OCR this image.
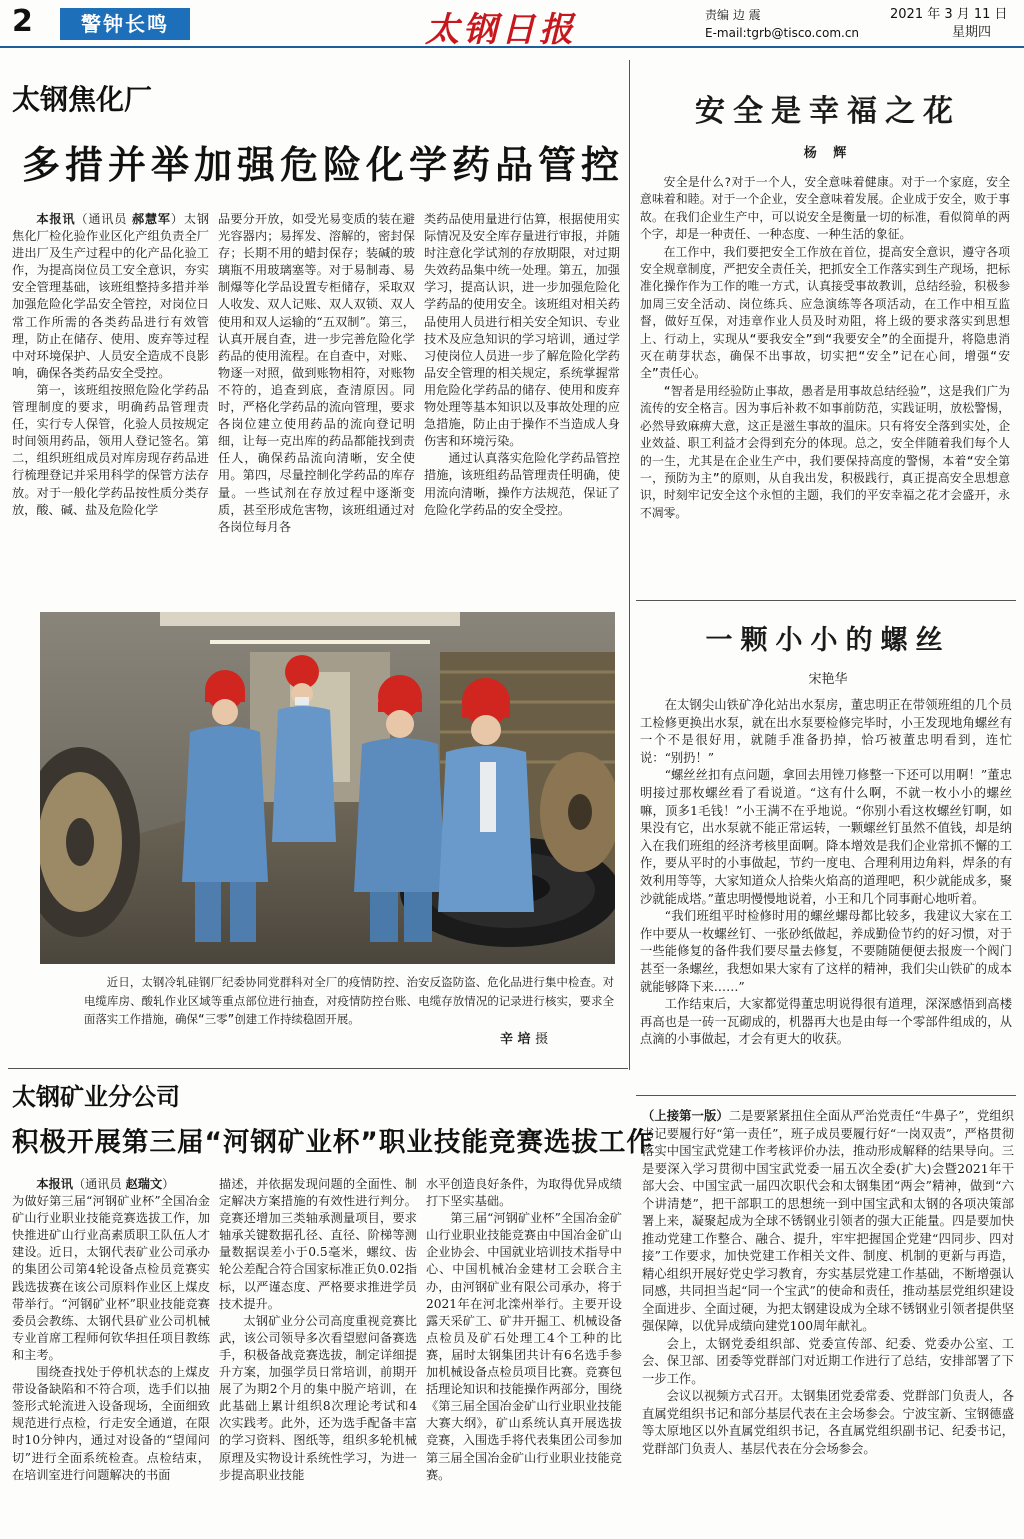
2	警钟长鸣	太钢日报	责编 边 震
E-mail:tgrb@tisco.com.cn
2021 年 3 月 11 日
星期四
太钢焦化厂
多措并举加强危险化学药品管控

本报讯（通讯员 郝慧军）太钢焦化厂检化验作业区化产组负责全厂进出厂及生产过程中的化产品化验工作，为提高岗位员工安全意识，夯实安全管理基础，该班组整持多措并举加强危险化学品安全管控，对岗位日常工作所需的各类药品进行有效管理，防止在储存、使用、废弃等过程中对环境保护、人员安全造成不良影响，确保各类药品安全受控。

第一，该班组按照危险化学药品管理制度的要求，明确药品管理责任，实行专人保管，化验人员按规定时间领用药品，领用人登记签名。第二，组织班组成员对库房现存药品进行梳理登记并采用科学的保管方法存放。对于一般化学药品按性质分类存放，酸、碱、盐及危险化学

品要分开放，如受光易变质的装在避光容器内；易挥发、溶解的，密封保存；长期不用的蜡封保存；装碱的玻璃瓶不用玻璃塞等。对于易制毒、易制爆等化学品设置专柜储存，采取双人收发、双人记账、双人双锁、双人使用和双人运输的“五双制”。第三，认真开展自查，进一步完善危险化学药品的使用流程。在自查中，对账、物逐一对照，做到账物相符，对账物不符的，追查到底，查清原因。同时，严格化学药品的流向管理，要求各岗位建立使用药品的流向登记明细，让每一克出库的药品都能找到责任人，确保药品流向清晰，安全使用。第四，尽量控制化学药品的库存量。一些试剂在存放过程中逐渐变质，甚至形成危害物，该班组通过对各岗位每月各

类药品使用量进行估算，根据使用实际情况及安全库存量进行审报，并随时注意化学试剂的存放期限，对过期失效药品集中统一处理。第五，加强学习，提高认识，进一步加强危险化学药品的使用安全。该班组对相关药品使用人员进行相关安全知识、专业技术及应急知识的学习培训，通过学习使岗位人员进一步了解危险化学药品安全管理的相关规定，系统掌握常用危险化学药品的储存、使用和废弃物处理等基本知识以及事故处理的应急措施，防止由于操作不当造成人身伤害和环境污染。

通过认真落实危险化学药品管控措施，该班组药品管理责任明确，使用流向清晰，操作方法规范，保证了危险化学药品的安全受控。

安全是幸福之花
杨 辉

安全是什么?对于一个人，安全意味着健康。对于一个家庭，安全意味着和睦。对于一个企业，安全意味着发展。企业成于安全，败于事故。在我们企业生产中，可以说安全是衡量一切的标准，看似简单的两个字，却是一种责任、一种态度、一种生活的象征。

在工作中，我们要把安全工作放在首位，提高安全意识，遵守各项安全规章制度，严把安全责任关，把抓安全工作落实到生产现场，把标准化操作作为工作的唯一方式，认真接受事故教训，总结经验，积极参加周三安全活动、岗位练兵、应急演练等各项活动，在工作中相互监督，做好互保，对违章作业人员及时劝阻，将上级的要求落实到思想上、行动上，实现从“要我安全”到“我要安全”的全面提升，将隐患消灭在萌芽状态，确保不出事故，切实把“安全”记在心间，增强“安全”责任心。

“智者是用经验防止事故，愚者是用事故总结经验”，这是我们广为流传的安全格言。因为事后补救不如事前防范，实践证明，放松警惕，必然导致麻痹大意，这正是滋生事故的温床。只有将安全落到实处，企业效益、职工利益才会得到充分的体现。总之，安全伴随着我们每个人的一生，尤其是在企业生产中，我们要保持高度的警惕，本着“安全第一，预防为主”的原则，从自我出发，积极践行，真正提高安全思想意识，时刻牢记安全这个永恒的主题，我们的平安幸福之花才会盛开，永不凋零。

一颗小小的螺丝
宋艳华

在太钢尖山铁矿净化站出水泵房，董忠明正在带领班组的几个员工检修更换出水泵，就在出水泵要检修完毕时，小王发现地角螺丝有一个不是很好用，就随手准备扔掉，恰巧被董忠明看到，连忙说：“别扔！”

“螺丝丝扣有点问题，拿回去用锉刀修整一下还可以用啊！”董忠明接过那枚螺丝看了看说道。“这有什么啊，不就一枚小小的螺丝嘛，顶多1毛钱！”小王满不在乎地说。“你别小看这枚螺丝钉啊，如果没有它，出水泵就不能正常运转，一颗螺丝钉虽然不值钱，却是纳入在我们班组的经济考核里面啊。降本增效是我们企业常抓不懈的工作，要从平时的小事做起，节约一度电、合理利用边角料，焊条的有效利用等等，大家知道众人拾柴火焰高的道理吧，积少就能成多，聚沙就能成塔。”董忠明慢慢地说着，小王和几个同事耐心地听着。

“我们班组平时检修时用的螺丝螺母都比较多，我建议大家在工作中要从一枚螺丝钉、一张砂纸做起，养成勤俭节约的好习惯，对于一些能修复的备件我们要尽量去修复，不要随随便便去报废一个阀门甚至一条螺丝，我想如果大家有了这样的精神，我们尖山铁矿的成本就能够降下来……”

工作结束后，大家都觉得董忠明说得很有道理，深深感悟到高楼再高也是一砖一瓦砌成的，机器再大也是由每一个零部件组成的，从点滴的小事做起，才会有更大的收获。

近日，太钢冷轧硅钢厂纪委协同党群科对全厂的疫情防控、治安反盗防盗、危化品进行集中检查。对电缆库房、酸轧作业区域等重点部位进行抽查，对疫情防控台账、电缆存放情况的记录进行核实，要求全面落实工作措施，确保“三零”创建工作持续稳固开展。
辛 培 摄
太钢矿业分公司
积极开展第三届“河钢矿业杯”职业技能竞赛选拔工作

本报讯（通讯员 赵瑞文）

为做好第三届“河钢矿业杯”全国冶金矿山行业职业技能竞赛选拔工作，加快推进矿山行业高素质职工队伍人才建设。近日，太钢代表矿业公司承办的集团公司第4轮设备点检员竞赛实践选拔赛在该公司原料作业区上煤皮带举行。“河钢矿业杯”职业技能竞赛委员会教练、太钢代县矿业公司机械专业首席工程师何钦华担任项目教练和主考。

围绕查找处于停机状态的上煤皮带设备缺陷和不符合项，选手们以抽签形式轮流进入设备现场，全面细致规范进行点检，行走安全通道，在限时10分钟内，通过对设备的“望闻问切”进行全面系统检查。点检结束，在培训室进行问题解决的书面

描述，并依据发现问题的全面性、制定解决方案措施的有效性进行判分。竞赛还增加三类轴承测量项目，要求轴承关键数据孔径、直径、阶梯等测量数据误差小于0.5毫米，螺纹、齿轮公差配合符合国家标准正负0.02指标，以严谨态度、严格要求推进学员技术提升。

太钢矿业分公司高度重视竞赛比武，该公司领导多次看望慰问备赛选手，积极备战竞赛选拔，制定详细提升方案，加强学员日常培训，前期开展了为期2个月的集中脱产培训，在此基础上累计组织8次理论考试和4次实践考。此外，还为选手配备丰富的学习资料、图纸等，组织多轮机械原理及实物设计系统性学习，为进一步提高职业技能

水平创造良好条件，为取得优异成绩打下坚实基础。

第三届“河钢矿业杯”全国冶金矿山行业职业技能竞赛由中国冶金矿山企业协会、中国就业培训技术指导中心、中国机械冶金建材工会联合主办，由河钢矿业有限公司承办，将于2021年在河北滦州举行。主要开设露天采矿工、矿井开掘工、机械设备点检员及矿石处理工4个工种的比赛，届时太钢集团共计有6名选手参加机械设备点检员项目比赛。竞赛包括理论知识和技能操作两部分，围绕《第三届全国冶金矿山行业职业技能大赛大纲》，矿山系统认真开展选拔竞赛，入围选手将代表集团公司参加第三届全国冶金矿山行业职业技能竞赛。

（上接第一版）二是要紧紧扭住全面从严治党责任“牛鼻子”，党组织书记要履行好“第一责任”，班子成员要履行好“一岗双责”，严格贯彻落实中国宝武党建工作考核评价办法，推动形成解释的结果导向。三是要深入学习贯彻中国宝武党委一届五次全委(扩大)会暨2021年干部大会、中国宝武一届四次职代会和太钢集团“两会”精神，做到“六个讲清楚”，把干部职工的思想统一到中国宝武和太钢的各项决策部署上来，凝聚起成为全球不锈钢业引领者的强大正能量。四是要加快推动党建工作整合、融合、提升，牢牢把握国企党建“四同步、四对接”工作要求，加快党建工作相关文件、制度、机制的更新与再造，精心组织开展好党史学习教育，夯实基层党建工作基础，不断增强认同感，共同担当起“同一个宝武”的使命和责任，推动基层党组织建设全面进步、全面过硬，为把太钢建设成为全球不锈钢业引领者提供坚强保障，以优异成绩向建党100周年献礼。

会上，太钢党委组织部、党委宣传部、纪委、党委办公室、工会、保卫部、团委等党群部门对近期工作进行了总结，安排部署了下一步工作。

会议以视频方式召开。太钢集团党委常委、党群部门负责人，各直属党组织书记和部分基层代表在主会场参会。宁波宝新、宝钢德盛等太原地区以外直属党组织书记，各直属党组织副书记、纪委书记，党群部门负责人、基层代表在分会场参会。
